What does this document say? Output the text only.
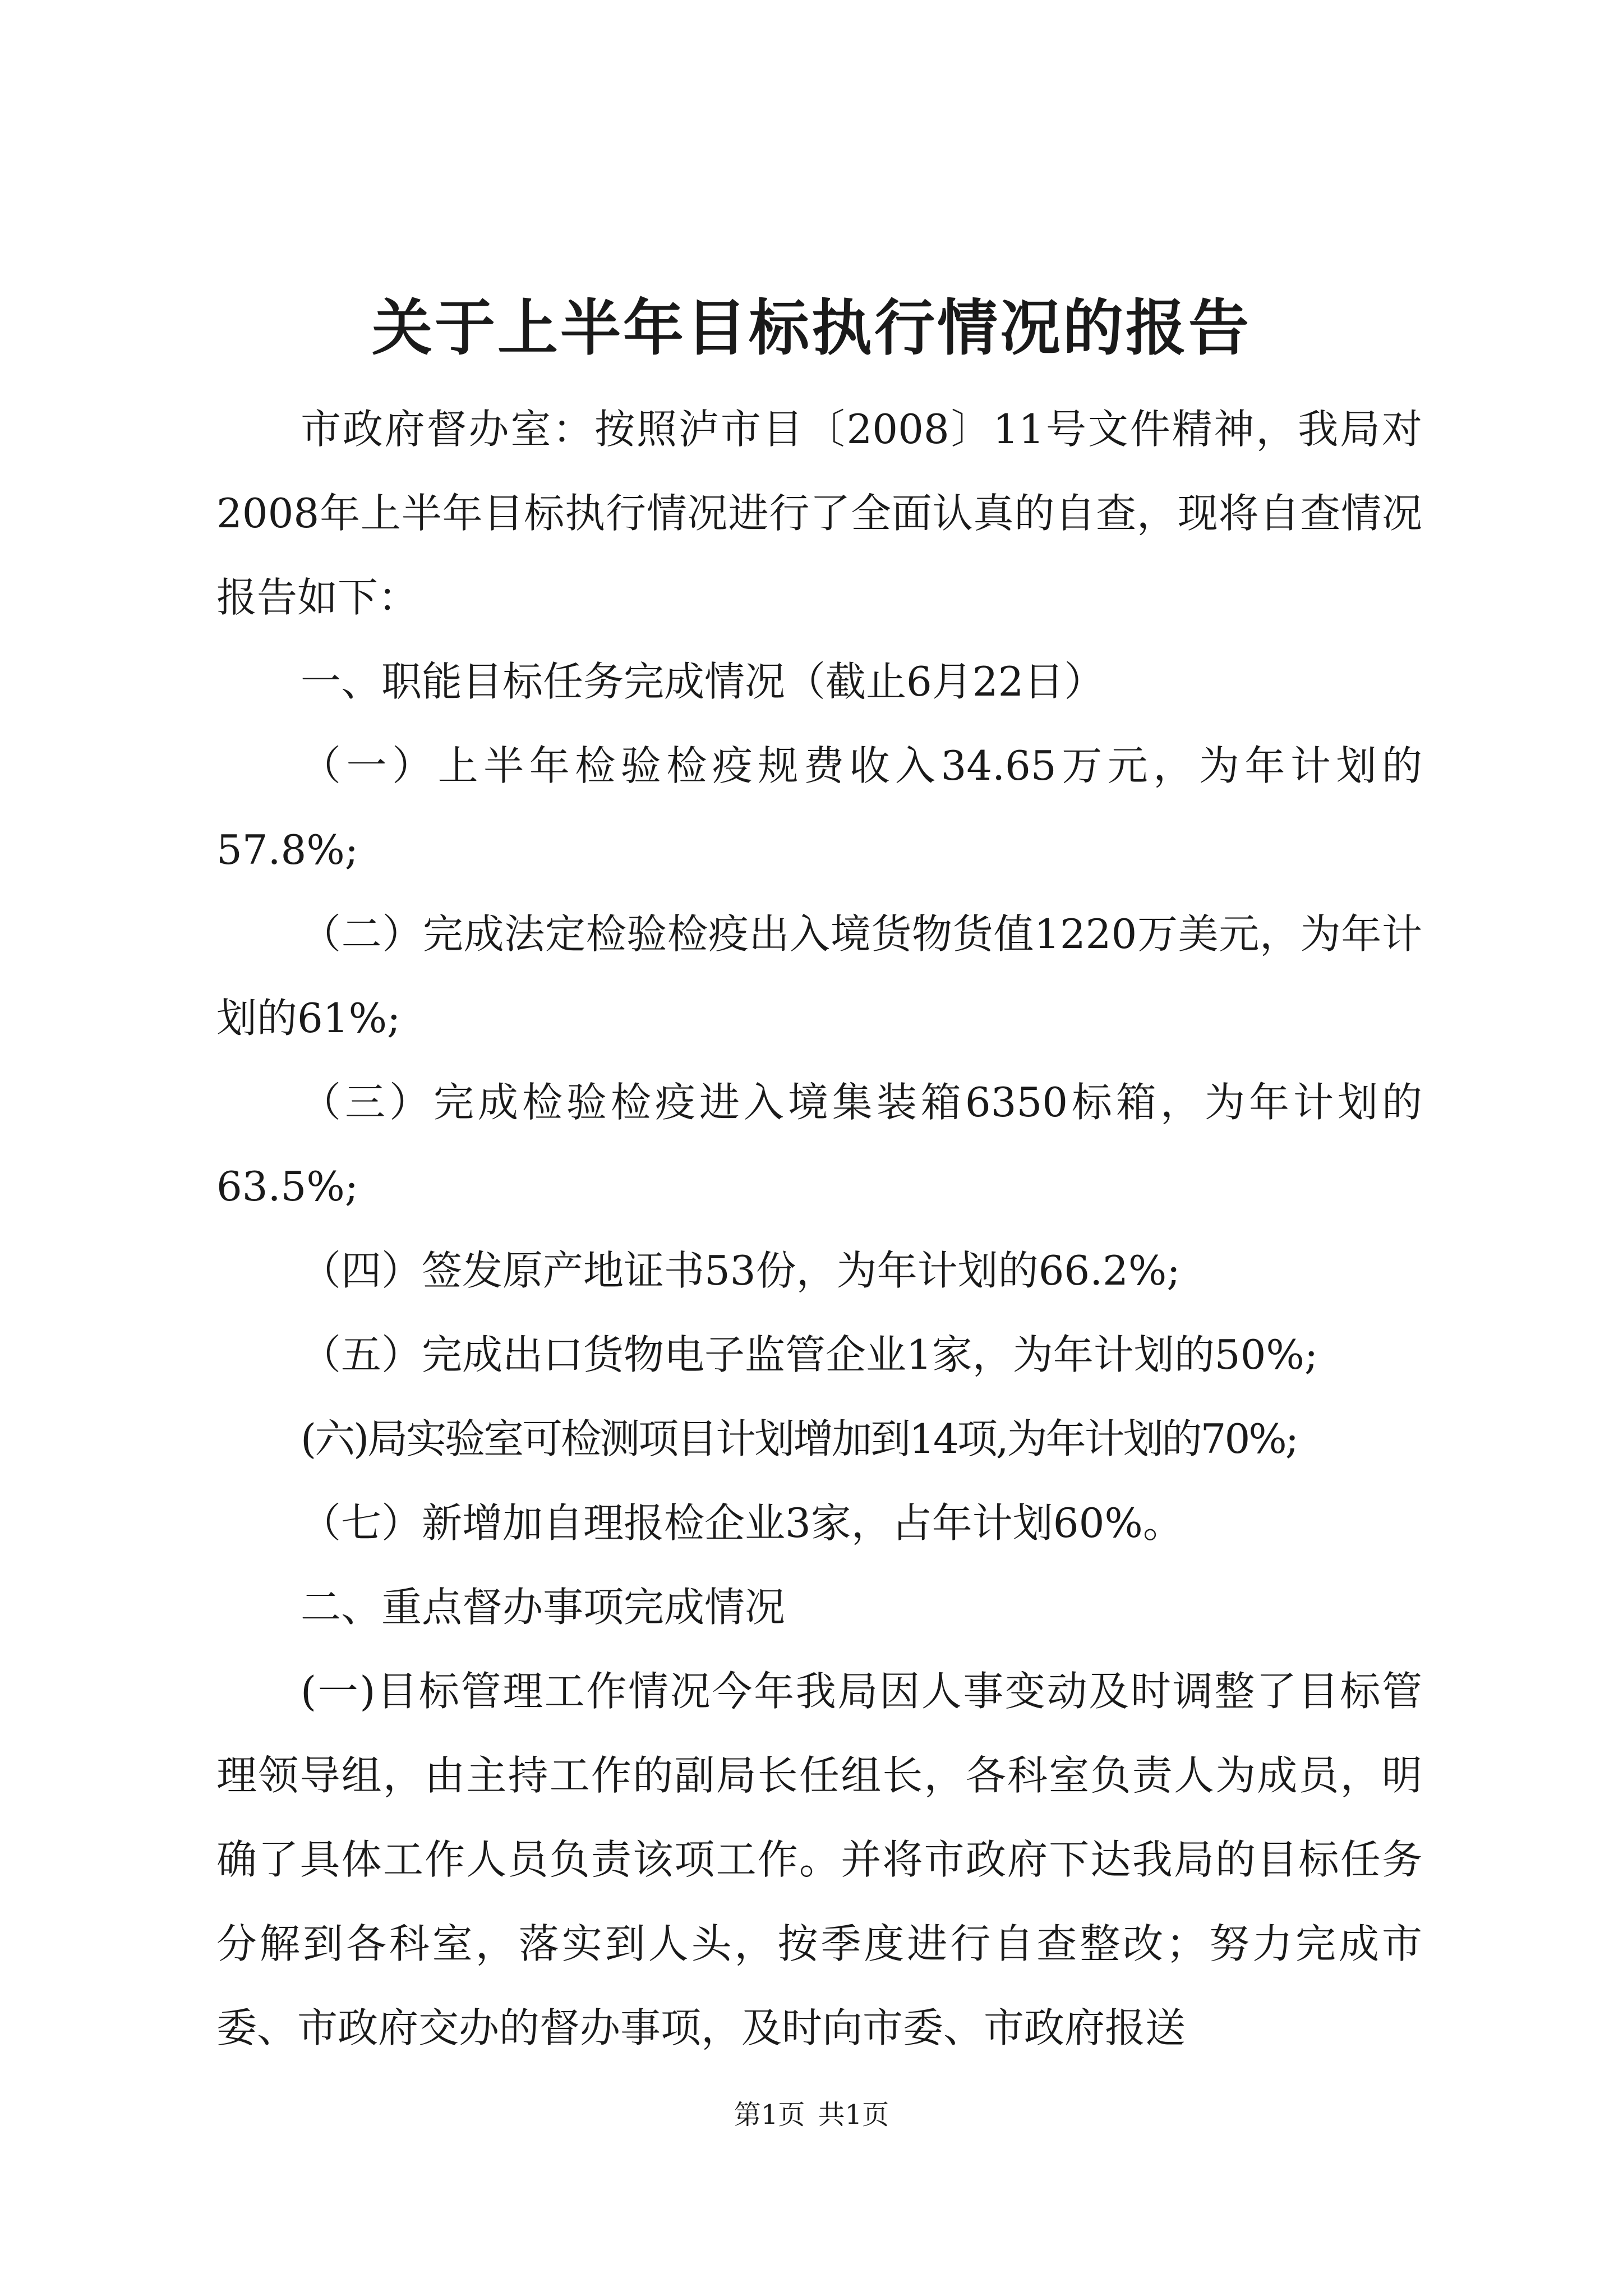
关于上半年目标执行情况的报告

市政府督办室：按照泸市目〔2008〕11号文件精神，我局对2008年上半年目标执行情况进行了全面认真的自查，现将自查情况报告如下：

一、职能目标任务完成情况（截止6月22日）

（一）上半年检验检疫规费收入34.65万元，为年计划的57.8%;

（二）完成法定检验检疫出入境货物货值1220万美元，为年计划的61%;

（三）完成检验检疫进入境集装箱6350标箱，为年计划的63.5%;

（四）签发原产地证书53份，为年计划的66.2%;

（五）完成出口货物电子监管企业1家，为年计划的50%;

(六)局实验室可检测项目计划增加到14项,为年计划的70%;

（七）新增加自理报检企业3家，占年计划60%。

二、重点督办事项完成情况

(一)目标管理工作情况今年我局因人事变动及时调整了目标管理领导组，由主持工作的副局长任组长，各科室负责人为成员，明确了具体工作人员负责该项工作。并将市政府下达我局的目标任务分解到各科室，落实到人头，按季度进行自查整改；努力完成市委、市政府交办的督办事项，及时向市委、市政府报送

第1页 共1页
